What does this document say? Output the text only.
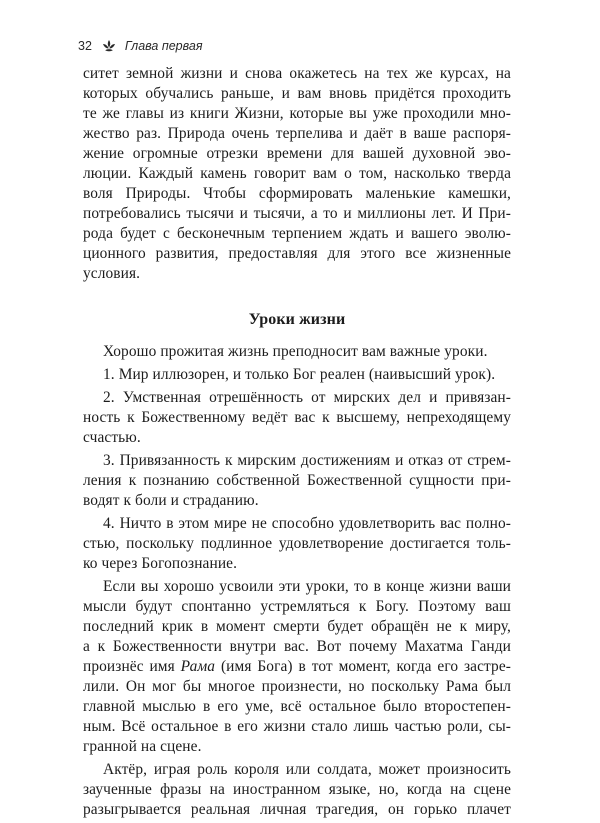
32	Глава первая
ситет земной жизни и снова окажетесь на тех же курсах, на
которых обучались раньше, и вам вновь придётся проходить
те же главы из книги Жизни, которые вы уже проходили мно-
жество раз. Природа очень терпелива и даёт в ваше распоря-
жение огромные отрезки времени для вашей духовной эво-
люции. Каждый камень говорит вам о том, насколько тверда
воля Природы. Чтобы сформировать маленькие камешки,
потребовались тысячи и тысячи, а то и миллионы лет. И При-
рода будет с бесконечным терпением ждать и вашего эволю-
ционного развития, предоставляя для этого все жизненные
условия.
Уроки жизни
Хорошо прожитая жизнь преподносит вам важные уроки.
1. Мир иллюзорен, и только Бог реален (наивысший урок).
2. Умственная отрешённость от мирских дел и привязан-
ность к Божественному ведёт вас к высшему, непреходящему
счастью.
3. Привязанность к мирским достижениям и отказ от стрем-
ления к познанию собственной Божественной сущности при-
водят к боли и страданию.
4. Ничто в этом мире не способно удовлетворить вас полно-
стью, поскольку подлинное удовлетворение достигается толь-
ко через Богопознание.
Если вы хорошо усвоили эти уроки, то в конце жизни ваши
мысли будут спонтанно устремляться к Богу. Поэтому ваш
последний крик в момент смерти будет обращён не к миру,
а к Божественности внутри вас. Вот почему Махатма Ганди
произнёс имя Рама (имя Бога) в тот момент, когда его застре-
лили. Он мог бы многое произнести, но поскольку Рама был
главной мыслью в его уме, всё остальное было второстепен-
ным. Всё остальное в его жизни стало лишь частью роли, сы-
гранной на сцене.
Актёр, играя роль короля или солдата, может произносить
заученные фразы на иностранном языке, но, когда на сцене
разыгрывается реальная личная трагедия, он горько плачет
